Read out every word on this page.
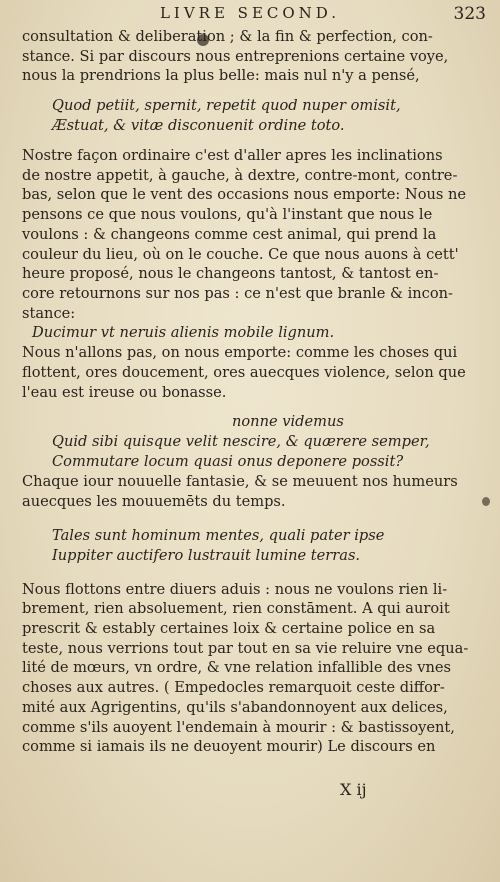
LIVRE SECOND.	323
consultation & deliberation ; & la fin & perfection, con-
stance. Si par discours nous entreprenions certaine voye,
nous la prendrions la plus belle: mais nul n'y a pensé,
Quod petiit, spernit, repetit quod nuper omisit,
Æstuat, & vitæ disconuenit ordine toto.
Nostre façon ordinaire c'est d'aller apres les inclinations
de nostre appetit, à gauche, à dextre, contre-mont, contre-
bas, selon que le vent des occasions nous emporte: Nous ne
pensons ce que nous voulons, qu'à l'instant que nous le
voulons : & changeons comme cest animal, qui prend la
couleur du lieu, où on le couche. Ce que nous auons à cett'
heure proposé, nous le changeons tantost, & tantost en-
core retournons sur nos pas : ce n'est que branle & incon-
stance:
Ducimur vt neruis alienis mobile lignum.
Nous n'allons pas, on nous emporte: comme les choses qui
flottent, ores doucement, ores auecques violence, selon que
l'eau est ireuse ou bonasse.
nonne videmus
Quid sibi quisque velit nescire, & quærere semper,
Commutare locum quasi onus deponere possit?
Chaque iour nouuelle fantasie, & se meuuent nos humeurs
auecques les mouuemēts du temps.
Tales sunt hominum mentes, quali pater ipse
Iuppiter auctifero lustrauit lumine terras.
Nous flottons entre diuers aduis : nous ne voulons rien li-
brement, rien absoluement, rien constāment. A qui auroit
prescrit & estably certaines loix & certaine police en sa
teste, nous verrions tout par tout en sa vie reluire vne equa-
lité de mœurs, vn ordre, & vne relation infallible des vnes
choses aux autres. ( Empedocles remarquoit ceste diffor-
mité aux Agrigentins, qu'ils s'abandonnoyent aux delices,
comme s'ils auoyent l'endemain à mourir : & bastissoyent,
comme si iamais ils ne deuoyent mourir) Le discours en
X ij
